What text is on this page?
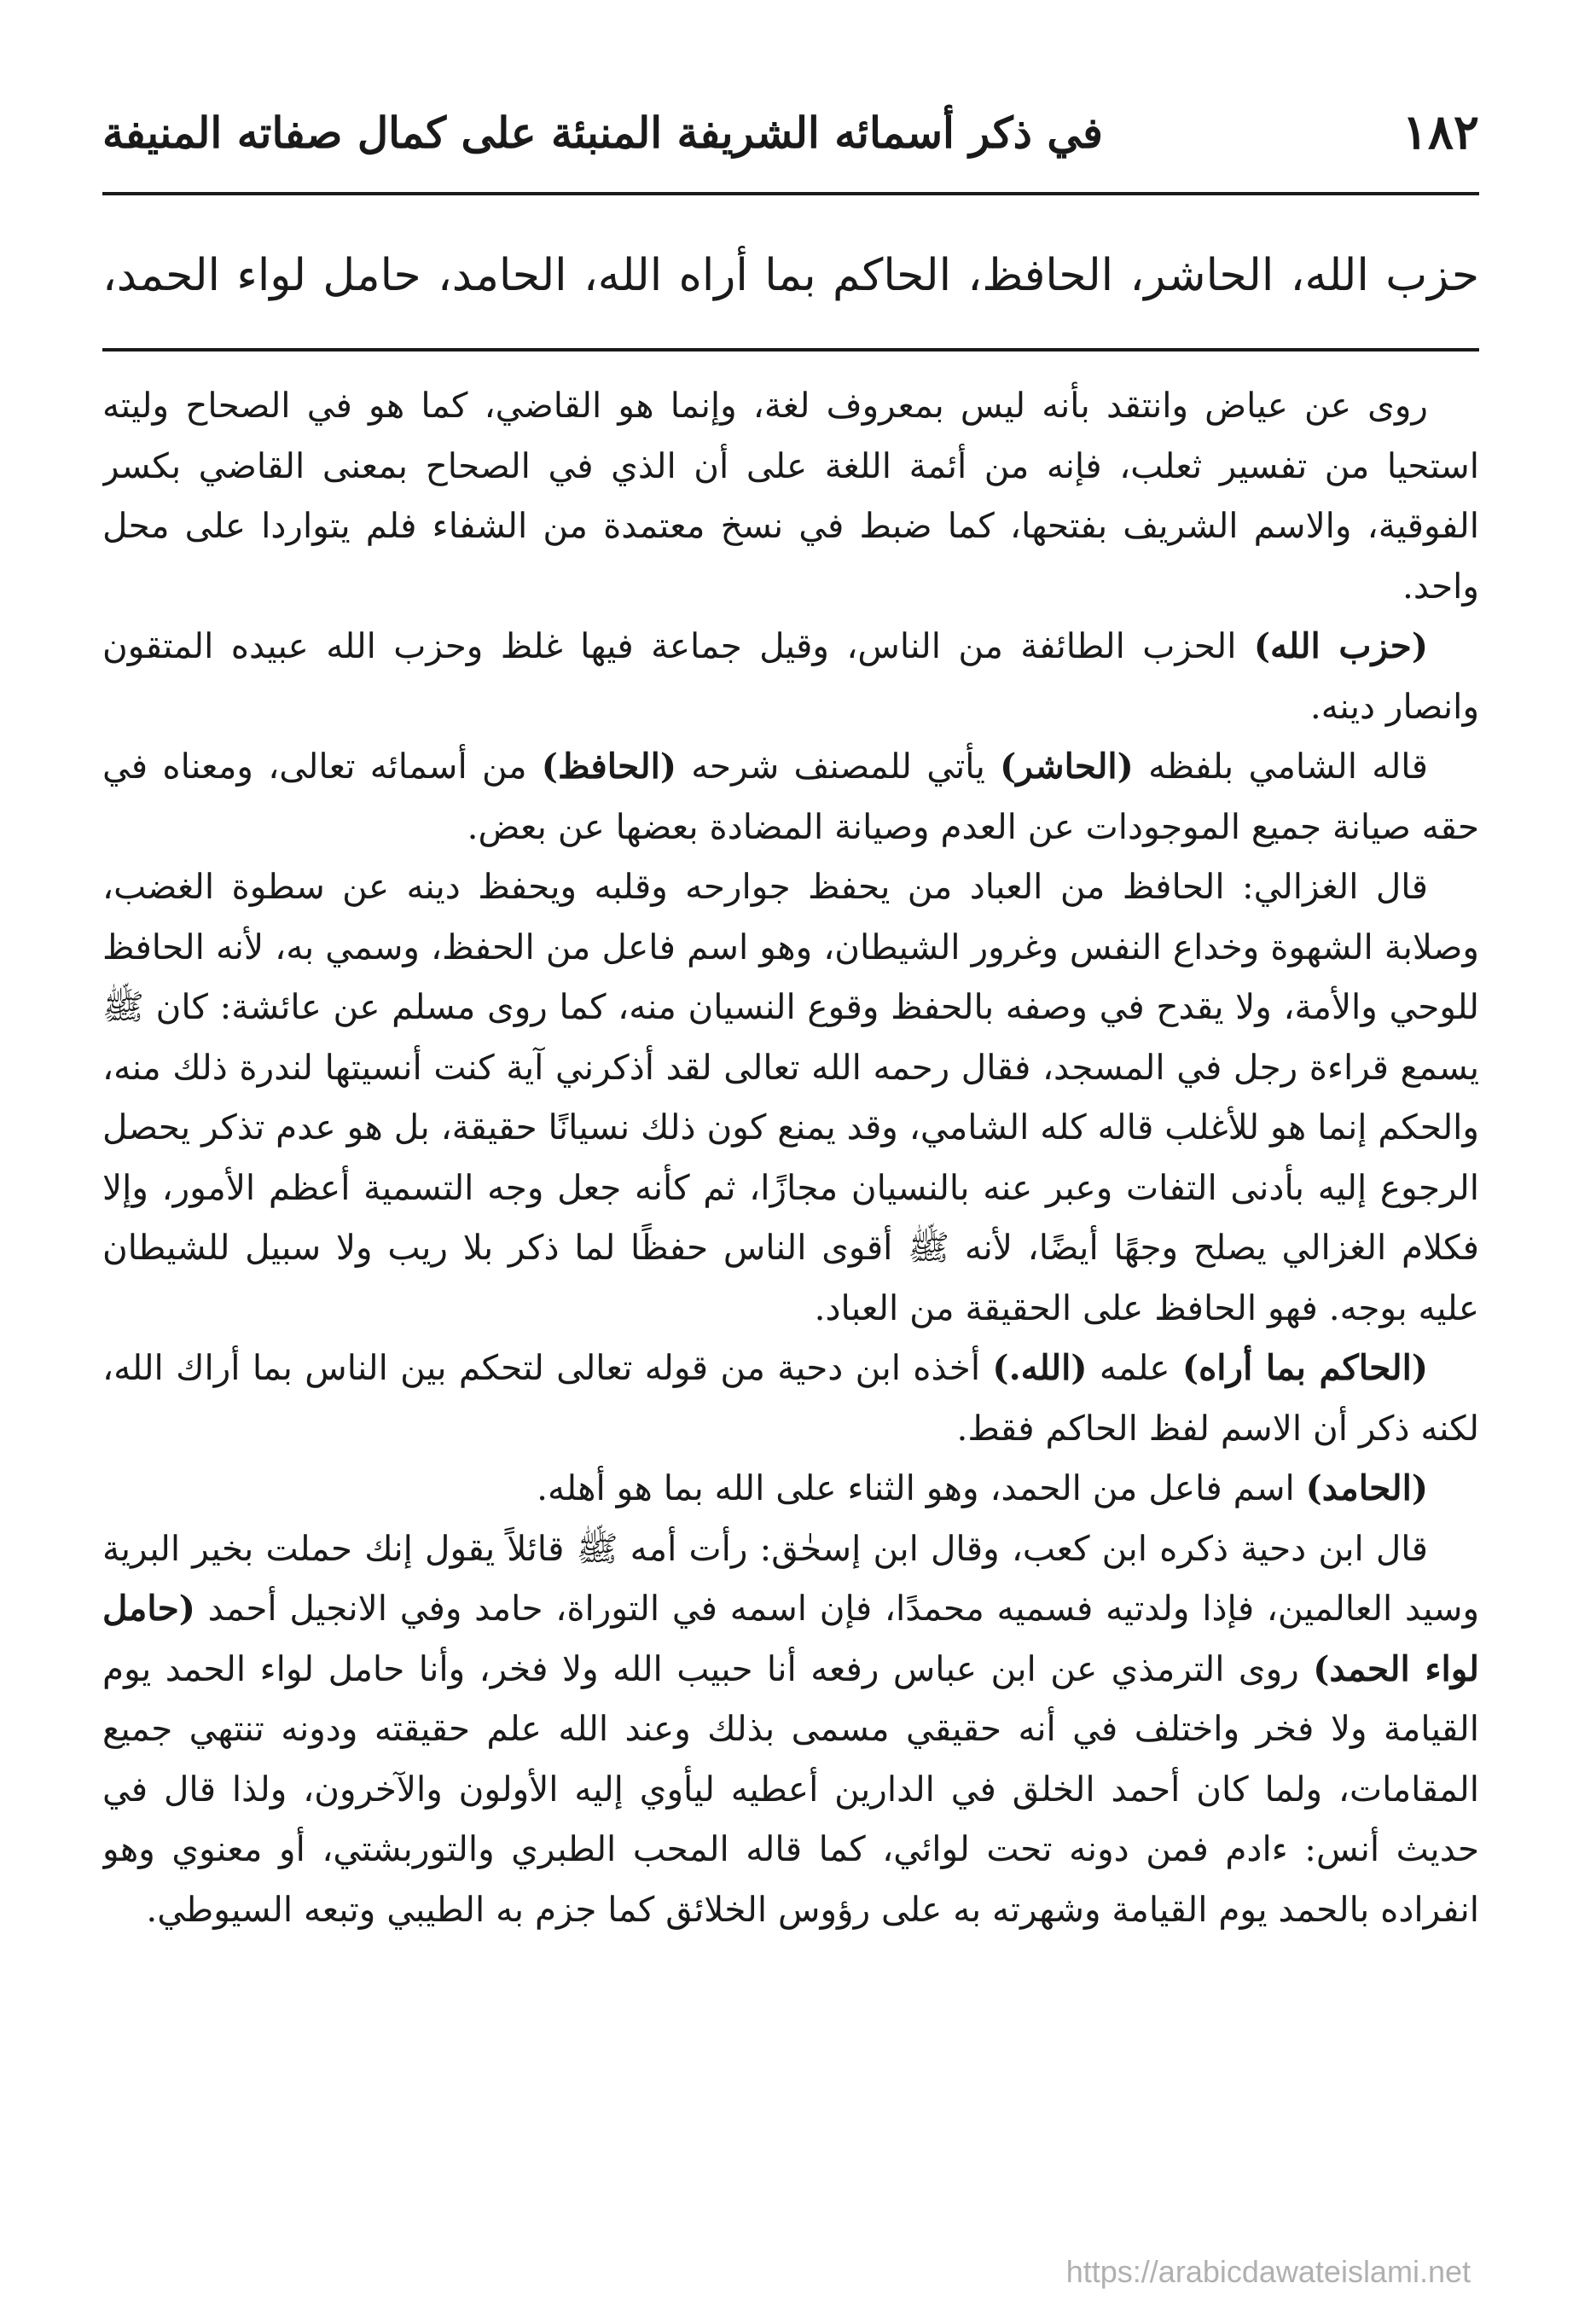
١٨٢
في ذكر أسمائه الشريفة المنبئة على كمال صفاته المنيفة
حزب الله، الحاشر، الحافظ، الحاكم بما أراه الله، الحامد، حامل لواء الحمد،

روى عن عياض وانتقد بأنه ليس بمعروف لغة، وإنما هو القاضي، كما هو في الصحاح وليته استحيا من تفسير ثعلب، فإنه من أئمة اللغة على أن الذي في الصحاح بمعنى القاضي بكسر الفوقية، والاسم الشريف بفتحها، كما ضبط في نسخ معتمدة من الشفاء فلم يتواردا على محل واحد.

(حزب الله) الحزب الطائفة من الناس، وقيل جماعة فيها غلظ وحزب الله عبيده المتقون وانصار دينه.

قاله الشامي بلفظه (الحاشر) يأتي للمصنف شرحه (الحافظ) من أسمائه تعالى، ومعناه في حقه صيانة جميع الموجودات عن العدم وصيانة المضادة بعضها عن بعض.

قال الغزالي: الحافظ من العباد من يحفظ جوارحه وقلبه ويحفظ دينه عن سطوة الغضب، وصلابة الشهوة وخداع النفس وغرور الشيطان، وهو اسم فاعل من الحفظ، وسمي به، لأنه الحافظ للوحي والأمة، ولا يقدح في وصفه بالحفظ وقوع النسيان منه، كما روى مسلم عن عائشة: كان ﷺ يسمع قراءة رجل في المسجد، فقال رحمه الله تعالى لقد أذكرني آية كنت أنسيتها لندرة ذلك منه، والحكم إنما هو للأغلب قاله كله الشامي، وقد يمنع كون ذلك نسيانًا حقيقة، بل هو عدم تذكر يحصل الرجوع إليه بأدنى التفات وعبر عنه بالنسيان مجازًا، ثم كأنه جعل وجه التسمية أعظم الأمور، وإلا فكلام الغزالي يصلح وجهًا أيضًا، لأنه ﷺ أقوى الناس حفظًا لما ذكر بلا ريب ولا سبيل للشيطان عليه بوجه. فهو الحافظ على الحقيقة من العباد.

(الحاكم بما أراه) علمه (الله.) أخذه ابن دحية من قوله تعالى لتحكم بين الناس بما أراك الله، لكنه ذكر أن الاسم لفظ الحاكم فقط.

(الحامد) اسم فاعل من الحمد، وهو الثناء على الله بما هو أهله.

قال ابن دحية ذكره ابن كعب، وقال ابن إسحٰق: رأت أمه ﷺ قائلاً يقول إنك حملت بخير البرية وسيد العالمين، فإذا ولدتيه فسميه محمدًا، فإن اسمه في التوراة، حامد وفي الانجيل أحمد (حامل لواء الحمد) روى الترمذي عن ابن عباس رفعه أنا حبيب الله ولا فخر، وأنا حامل لواء الحمد يوم القيامة ولا فخر واختلف في أنه حقيقي مسمى بذلك وعند الله علم حقيقته ودونه تنتهي جميع المقامات، ولما كان أحمد الخلق في الدارين أعطيه ليأوي إليه الأولون والآخرون، ولذا قال في حديث أنس: ءادم فمن دونه تحت لوائي، كما قاله المحب الطبري والتوربشتي، أو معنوي وهو انفراده بالحمد يوم القيامة وشهرته به على رؤوس الخلائق كما جزم به الطيبي وتبعه السيوطي.

https://arabicdawateislami.net
